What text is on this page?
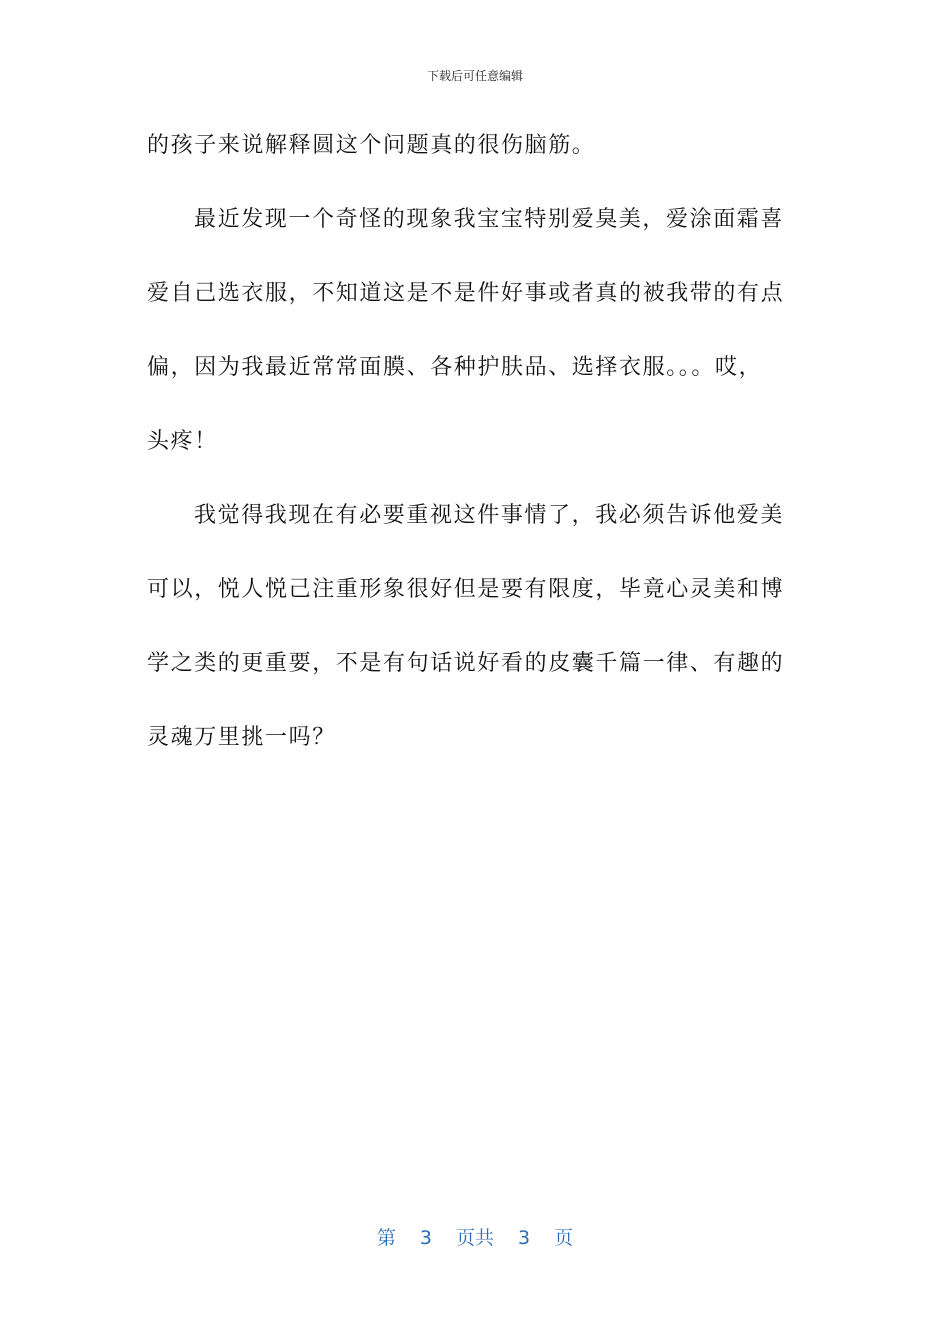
下载后可任意编辑
的孩子来说解释圆这个问题真的很伤脑筋。
最近发现一个奇怪的现象我宝宝特别爱臭美，爱涂面霜喜
爱自己选衣服，不知道这是不是件好事或者真的被我带的有点
偏，因为我最近常常面膜、各种护肤品、选择衣服。。。哎，
头疼！
我觉得我现在有必要重视这件事情了，我必须告诉他爱美
可以，悦人悦己注重形象很好但是要有限度，毕竟心灵美和博
学之类的更重要，不是有句话说好看的皮囊千篇一律、有趣的
灵魂万里挑一吗？
第 3 页共 3 页
